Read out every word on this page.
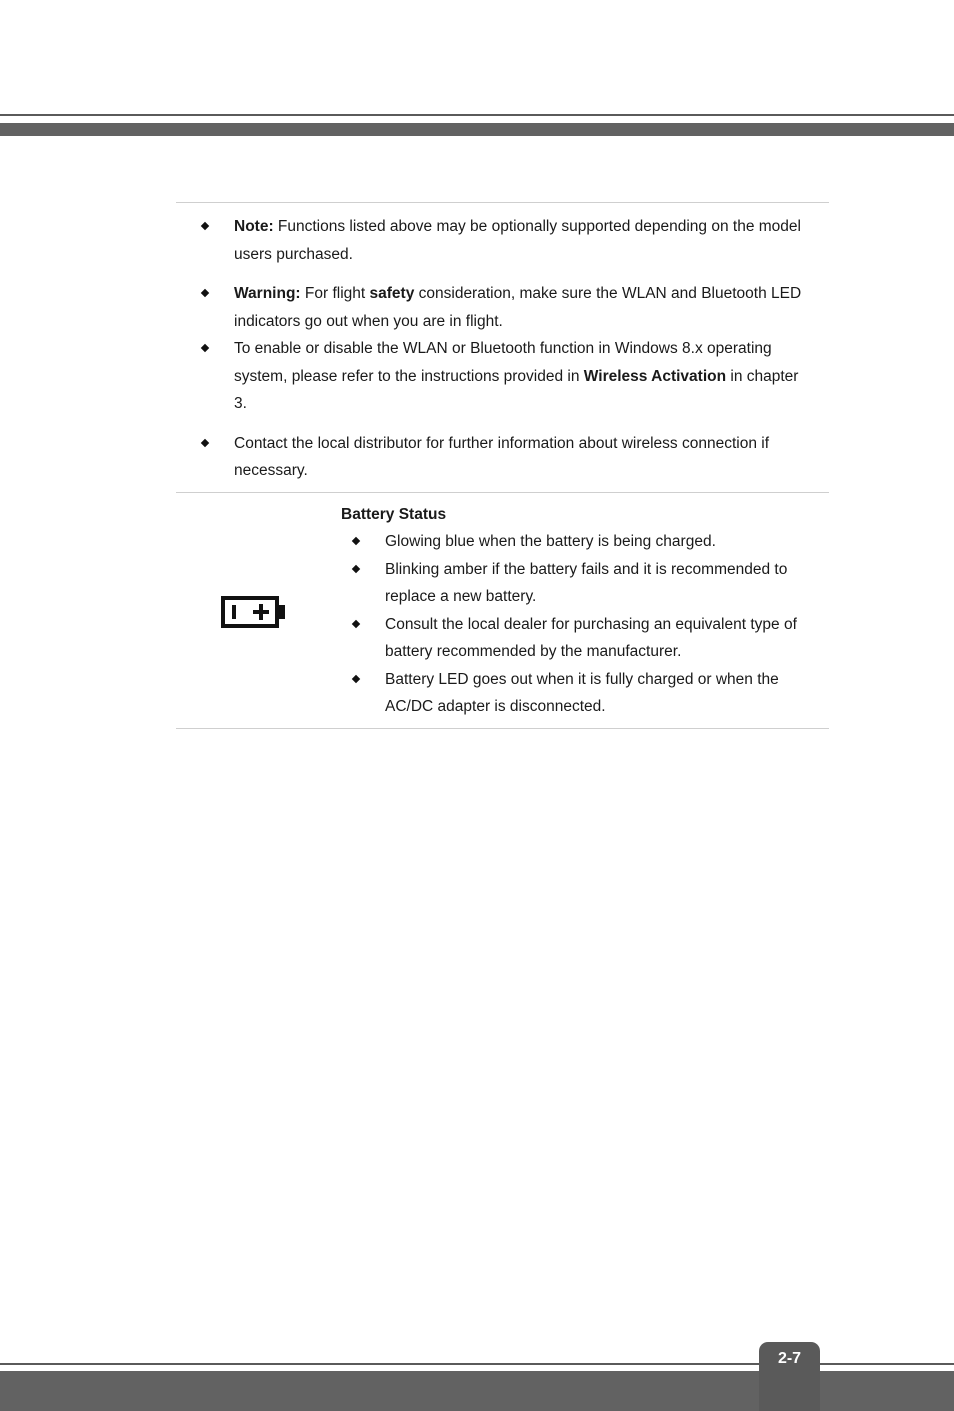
Note: Functions listed above may be optionally supported depending on the model users purchased.
Warning: For flight safety consideration, make sure the WLAN and Bluetooth LED indicators go out when you are in flight.
To enable or disable the WLAN or Bluetooth function in Windows 8.x operating system, please refer to the instructions provided in Wireless Activation in chapter 3.
Contact the local distributor for further information about wireless connection if necessary.
Battery Status
Glowing blue when the battery is being charged.
Blinking amber if the battery fails and it is recommended to replace a new battery.
Consult the local dealer for purchasing an equivalent type of battery recommended by the manufacturer.
Battery LED goes out when it is fully charged or when the AC/DC adapter is disconnected.
2-7
